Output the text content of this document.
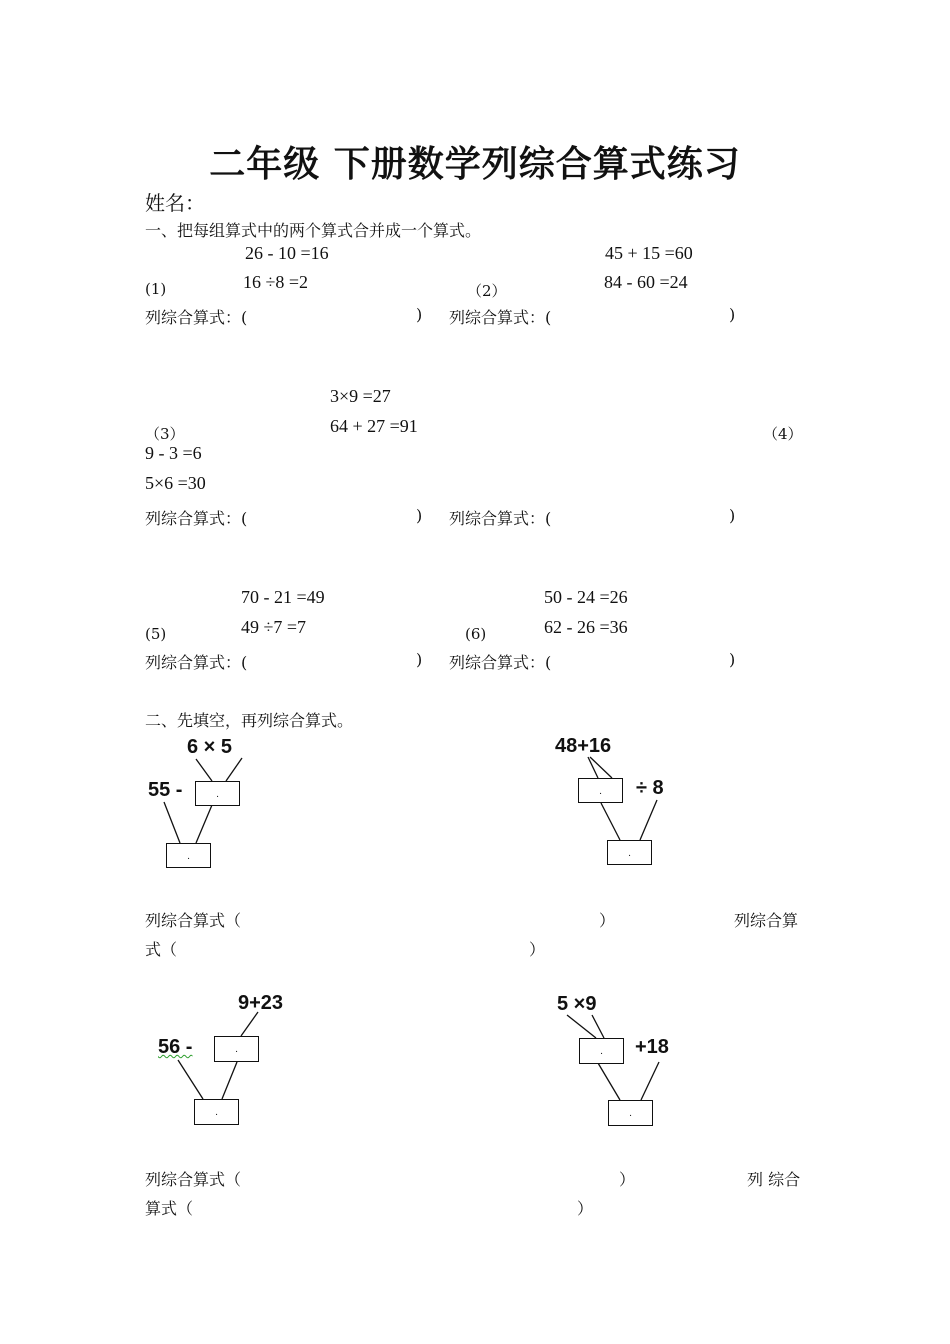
二年级 下册数学列综合算式练习
姓名：
一、把每组算式中的两个算式合并成一个算式。
26 - 10 =16
16 ÷8 =2
(1)
列综合算式：(	)
45 + 15 =60
84 - 60 =24
（2）
列综合算式：(	)
3×9 =27
64 + 27 =91
（3）	（4）
9 - 3 =6
5×6 =30
列综合算式：(	) 列综合算式：(	)
70 - 21 =49
49 ÷7 =7
(5)
列综合算式：(	)
50 - 24 =26
62 - 26 =36
(6)
列综合算式：(	)
二、先填空，再列综合算式。
6 × 5
55 -	.
.
48+16
÷ 8
.
.
列综合算式（	）	列综合算
式（	）
9+23
56 -	.
.
5 ×9
+18
.
.
列综合算式（	）	列 综合
算式（	）
